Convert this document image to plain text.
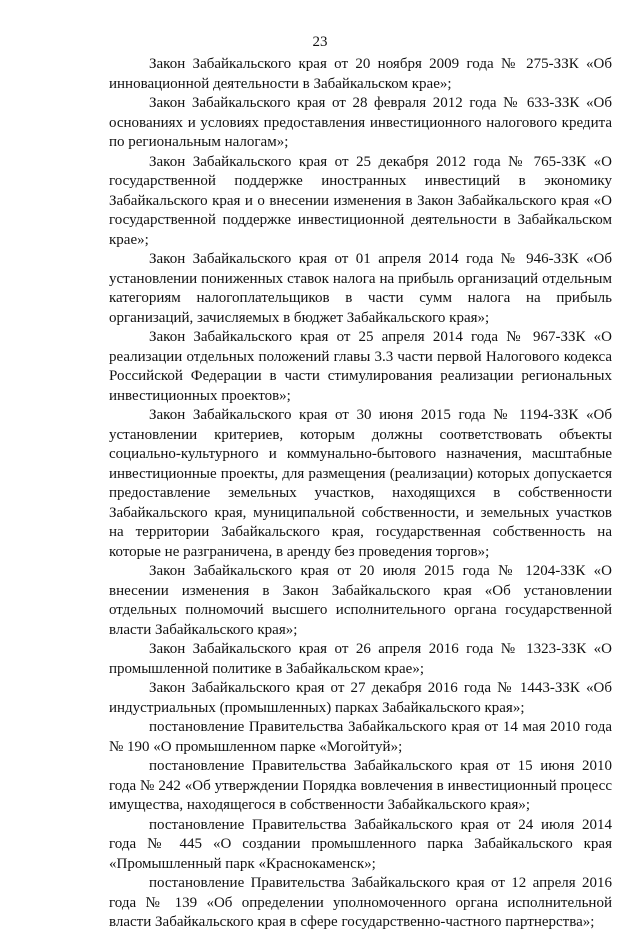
23

Закон Забайкальского края от 20 ноября 2009 года № 275-ЗЗК «Об инновационной деятельности в Забайкальском крае»;

Закон Забайкальского края от 28 февраля 2012 года № 633-ЗЗК «Об основаниях и условиях предоставления инвестиционного налогового кредита по региональным налогам»;

Закон Забайкальского края от 25 декабря 2012 года № 765-ЗЗК «О государственной поддержке иностранных инвестиций в экономику Забайкальского края и о внесении изменения в Закон Забайкальского края «О государственной поддержке инвестиционной деятельности в Забайкальском крае»;

Закон Забайкальского края от 01 апреля 2014 года № 946-ЗЗК «Об установлении пониженных ставок налога на прибыль организаций отдельным категориям налогоплательщиков в части сумм налога на прибыль организаций, зачисляемых в бюджет Забайкальского края»;

Закон Забайкальского края от 25 апреля 2014 года № 967-ЗЗК «О реализации отдельных положений главы 3.3 части первой Налогового кодекса Российской Федерации в части стимулирования реализации региональных инвестиционных проектов»;

Закон Забайкальского края от 30 июня 2015 года № 1194-ЗЗК «Об установлении критериев, которым должны соответствовать объекты социально-культурного и коммунально-бытового назначения, масштабные инвестиционные проекты, для размещения (реализации) которых допускается предоставление земельных участков, находящихся в собственности Забайкальского края, муниципальной собственности, и земельных участков на территории Забайкальского края, государственная собственность на которые не разграничена, в аренду без проведения торгов»;

Закон Забайкальского края от 20 июля 2015 года № 1204-ЗЗК «О внесении изменения в Закон Забайкальского края «Об установлении отдельных полномочий высшего исполнительного органа государственной власти Забайкальского края»;

Закон Забайкальского края от 26 апреля 2016 года № 1323-ЗЗК «О промышленной политике в Забайкальском крае»;

Закон Забайкальского края от 27 декабря 2016 года № 1443-ЗЗК «Об индустриальных (промышленных) парках Забайкальского края»;

постановление Правительства Забайкальского края от 14 мая 2010 года № 190 «О промышленном парке «Могойтуй»;

постановление Правительства Забайкальского края от 15 июня 2010 года № 242 «Об утверждении Порядка вовлечения в инвестиционный процесс имущества, находящегося в собственности Забайкальского края»;

постановление Правительства Забайкальского края от 24 июля 2014 года № 445 «О создании промышленного парка Забайкальского края «Промышленный парк «Краснокаменск»;

постановление Правительства Забайкальского края от 12 апреля 2016 года № 139 «Об определении уполномоченного органа исполнительной власти Забайкальского края в сфере государственно-частного партнерства»;
